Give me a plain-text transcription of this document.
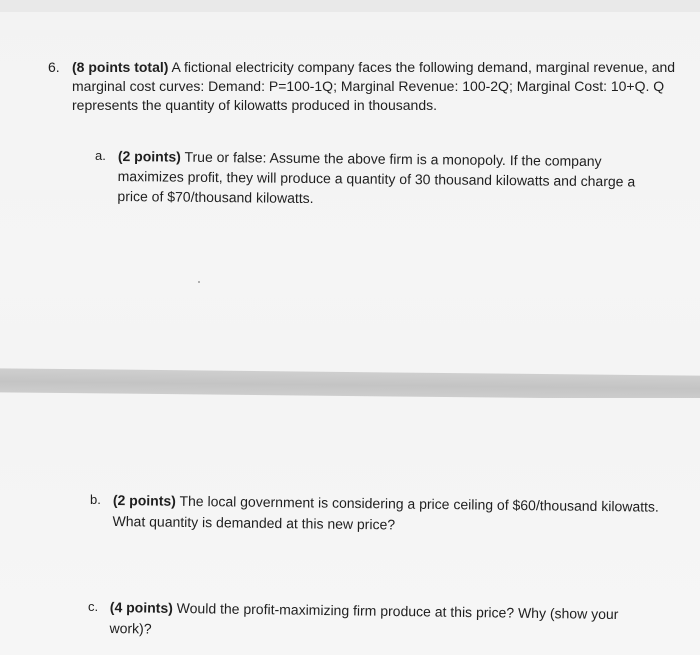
6. (8 points total) A fictional electricity company faces the following demand, marginal revenue, and marginal cost curves: Demand: P=100-1Q; Marginal Revenue: 100-2Q; Marginal Cost: 10+Q. Q represents the quantity of kilowatts produced in thousands.
a. (2 points) True or false: Assume the above firm is a monopoly. If the company maximizes profit, they will produce a quantity of 30 thousand kilowatts and charge a price of $70/thousand kilowatts.
b. (2 points) The local government is considering a price ceiling of $60/thousand kilowatts. What quantity is demanded at this new price?
c. (4 points) Would the profit-maximizing firm produce at this price? Why (show your work)?
